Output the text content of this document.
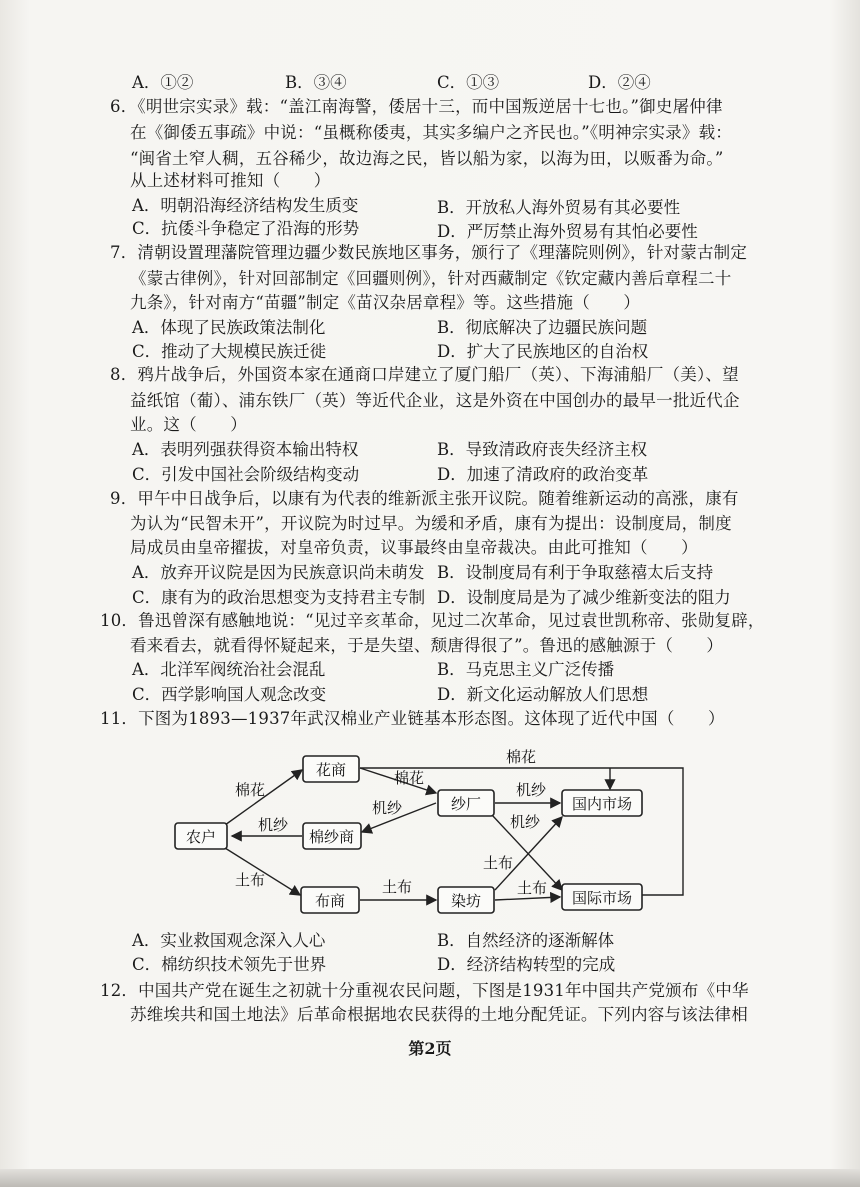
A．①②	B．③④	C．①③	D．②④
6．《明世宗实录》载：“盖江南海警，倭居十三，而中国叛逆居十七也。”御史屠仲律
在《御倭五事疏》中说：“虽概称倭夷，其实多编户之齐民也。”《明神宗实录》载：
“闽省土窄人稠，五谷稀少，故边海之民，皆以船为家，以海为田，以贩番为命。”
从上述材料可推知（　　）
A．明朝沿海经济结构发生质变	B．开放私人海外贸易有其必要性
C．抗倭斗争稳定了沿海的形势	D．严厉禁止海外贸易有其怕必要性
7．清朝设置理藩院管理边疆少数民族地区事务，颁行了《理藩院则例》，针对蒙古制定
《蒙古律例》，针对回部制定《回疆则例》，针对西藏制定《钦定藏内善后章程二十
九条》，针对南方“苗疆”制定《苗汉杂居章程》等。这些措施（　　）
A．体现了民族政策法制化	B．彻底解决了边疆民族问题
C．推动了大规模民族迁徙	D．扩大了民族地区的自治权
8．鸦片战争后，外国资本家在通商口岸建立了厦门船厂（英）、下海浦船厂（美）、望
益纸馆（葡）、浦东铁厂（英）等近代企业，这是外资在中国创办的最早一批近代企
业。这（　　）
A．表明列强获得资本输出特权	B．导致清政府丧失经济主权
C．引发中国社会阶级结构变动	D．加速了清政府的政治变革
9．甲午中日战争后，以康有为代表的维新派主张开议院。随着维新运动的高涨，康有
为认为“民智未开”，开议院为时过早。为缓和矛盾，康有为提出：设制度局，制度
局成员由皇帝擢拔，对皇帝负责，议事最终由皇帝裁决。由此可推知（　　）
A．放弃开议院是因为民族意识尚未萌发 B．设制度局有利于争取慈禧太后支持
C．康有为的政治思想变为支持君主专制 D．设制度局是为了减少维新变法的阻力
10．鲁迅曾深有感触地说：“见过辛亥革命，见过二次革命，见过袁世凯称帝、张勋复辟，
看来看去，就看得怀疑起来，于是失望、颓唐得很了”。鲁迅的感触源于（　　）
A．北洋军阀统治社会混乱	B．马克思主义广泛传播
C．西学影响国人观念改变	D．新文化运动解放人们思想
11．下图为1893—1937年武汉棉业产业链基本形态图。这体现了近代中国（　　）
棉花
棉花
棉花
机纱
机纱
土布	土布
机纱
机纱
土布
土布
农户
花商
棉纱商
布商
纱厂
染坊
国内市场
国际市场
A．实业救国观念深入人心	B．自然经济的逐渐解体
C．棉纺织技术领先于世界	D．经济结构转型的完成
12．中国共产党在诞生之初就十分重视农民问题，下图是1931年中国共产党颁布《中华
苏维埃共和国土地法》后革命根据地农民获得的土地分配凭证。下列内容与该法律相
第2页
